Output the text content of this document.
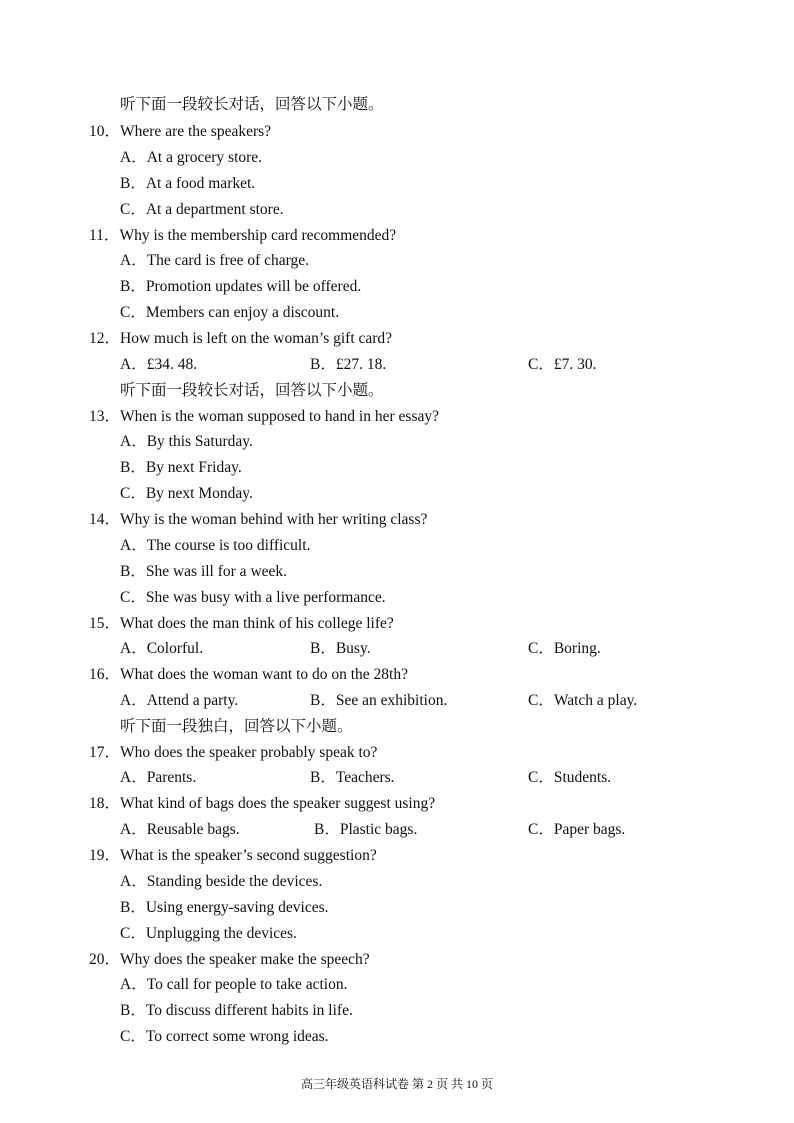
听下面一段较长对话，回答以下小题。
10．Where are the speakers?
A．At a grocery store.
B．At a food market.
C．At a department store.
11．Why is the membership card recommended?
A．The card is free of charge.
B．Promotion updates will be offered.
C．Members can enjoy a discount.
12．How much is left on the woman’s gift card?
A．£34. 48.	B．£27. 18.	C．£7. 30.
听下面一段较长对话，回答以下小题。
13．When is the woman supposed to hand in her essay?
A．By this Saturday.
B．By next Friday.
C．By next Monday.
14．Why is the woman behind with her writing class?
A．The course is too difficult.
B．She was ill for a week.
C．She was busy with a live performance.
15．What does the man think of his college life?
A．Colorful.	B．Busy.	C．Boring.
16．What does the woman want to do on the 28th?
A．Attend a party.	B．See an exhibition.	C．Watch a play.
听下面一段独白，回答以下小题。
17．Who does the speaker probably speak to?
A．Parents.	B．Teachers.	C．Students.
18．What kind of bags does the speaker suggest using?
A．Reusable bags.	B．Plastic bags.	C．Paper bags.
19．What is the speaker’s second suggestion?
A．Standing beside the devices.
B．Using energy-saving devices.
C．Unplugging the devices.
20．Why does the speaker make the speech?
A．To call for people to take action.
B．To discuss different habits in life.
C．To correct some wrong ideas.
高三年级英语科试卷 第 2 页 共 10 页
